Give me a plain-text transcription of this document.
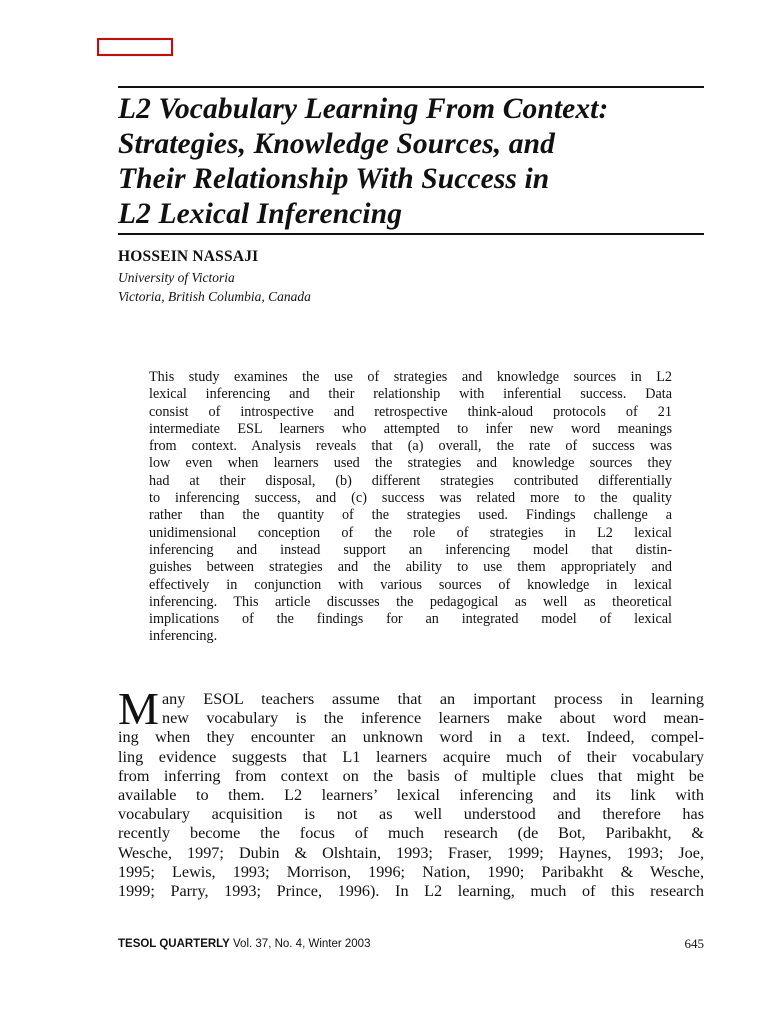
L2 Vocabulary Learning From Context:
Strategies, Knowledge Sources, and
Their Relationship With Success in
L2 Lexical Inferencing
HOSSEIN NASSAJI
University of Victoria
Victoria, British Columbia, Canada
This study examines the use of strategies and knowledge sources in L2
lexical inferencing and their relationship with inferential success. Data
consist of introspective and retrospective think-aloud protocols of 21
intermediate ESL learners who attempted to infer new word meanings
from context. Analysis reveals that (a) overall, the rate of success was
low even when learners used the strategies and knowledge sources they
had at their disposal, (b) different strategies contributed differentially
to inferencing success, and (c) success was related more to the quality
rather than the quantity of the strategies used. Findings challenge a
unidimensional conception of the role of strategies in L2 lexical
inferencing and instead support an inferencing model that distin-
guishes between strategies and the ability to use them appropriately and
effectively in conjunction with various sources of knowledge in lexical
inferencing. This article discusses the pedagogical as well as theoretical
implications of the findings for an integrated model of lexical
inferencing.
M any ESOL teachers assume that an important process in learning
new vocabulary is the inference learners make about word mean-
ing when they encounter an unknown word in a text. Indeed, compel-
ling evidence suggests that L1 learners acquire much of their vocabulary
from inferring from context on the basis of multiple clues that might be
available to them. L2 learners’ lexical inferencing and its link with
vocabulary acquisition is not as well understood and therefore has
recently become the focus of much research (de Bot, Paribakht, &
Wesche, 1997; Dubin & Olshtain, 1993; Fraser, 1999; Haynes, 1993; Joe,
1995; Lewis, 1993; Morrison, 1996; Nation, 1990; Paribakht & Wesche,
1999; Parry, 1993; Prince, 1996). In L2 learning, much of this research
TESOL QUARTERLY Vol. 37, No. 4, Winter 2003	645
